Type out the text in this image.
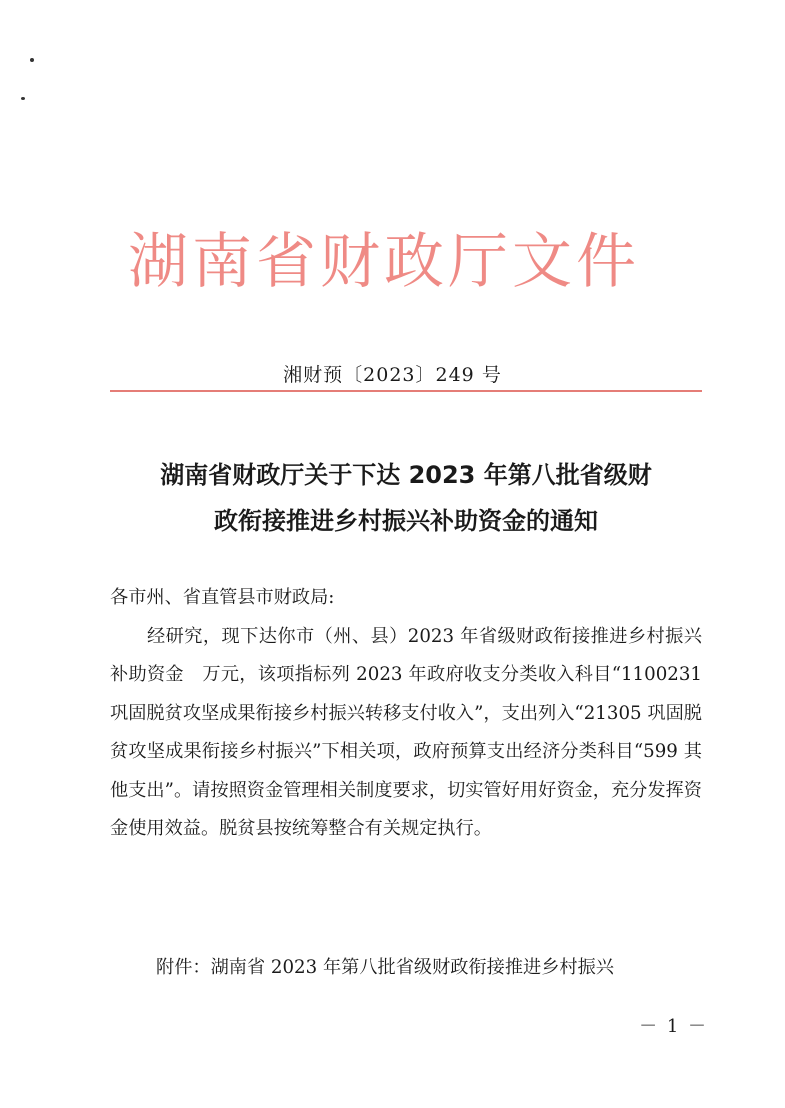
湖南省财政厅文件
湘财预〔2023〕249 号
湖南省财政厅关于下达 2023 年第八批省级财
政衔接推进乡村振兴补助资金的通知
各市州、省直管县市财政局:
经研究，现下达你市（州、县）2023 年省级财政衔接推进乡村振兴补助资金　万元，该项指标列 2023 年政府收支分类收入科目“1100231 巩固脱贫攻坚成果衔接乡村振兴转移支付收入”，支出列入“21305 巩固脱贫攻坚成果衔接乡村振兴”下相关项，政府预算支出经济分类科目“599 其他支出”。请按照资金管理相关制度要求，切实管好用好资金，充分发挥资金使用效益。脱贫县按统筹整合有关规定执行。
附件：湖南省 2023 年第八批省级财政衔接推进乡村振兴
－ 1 －
